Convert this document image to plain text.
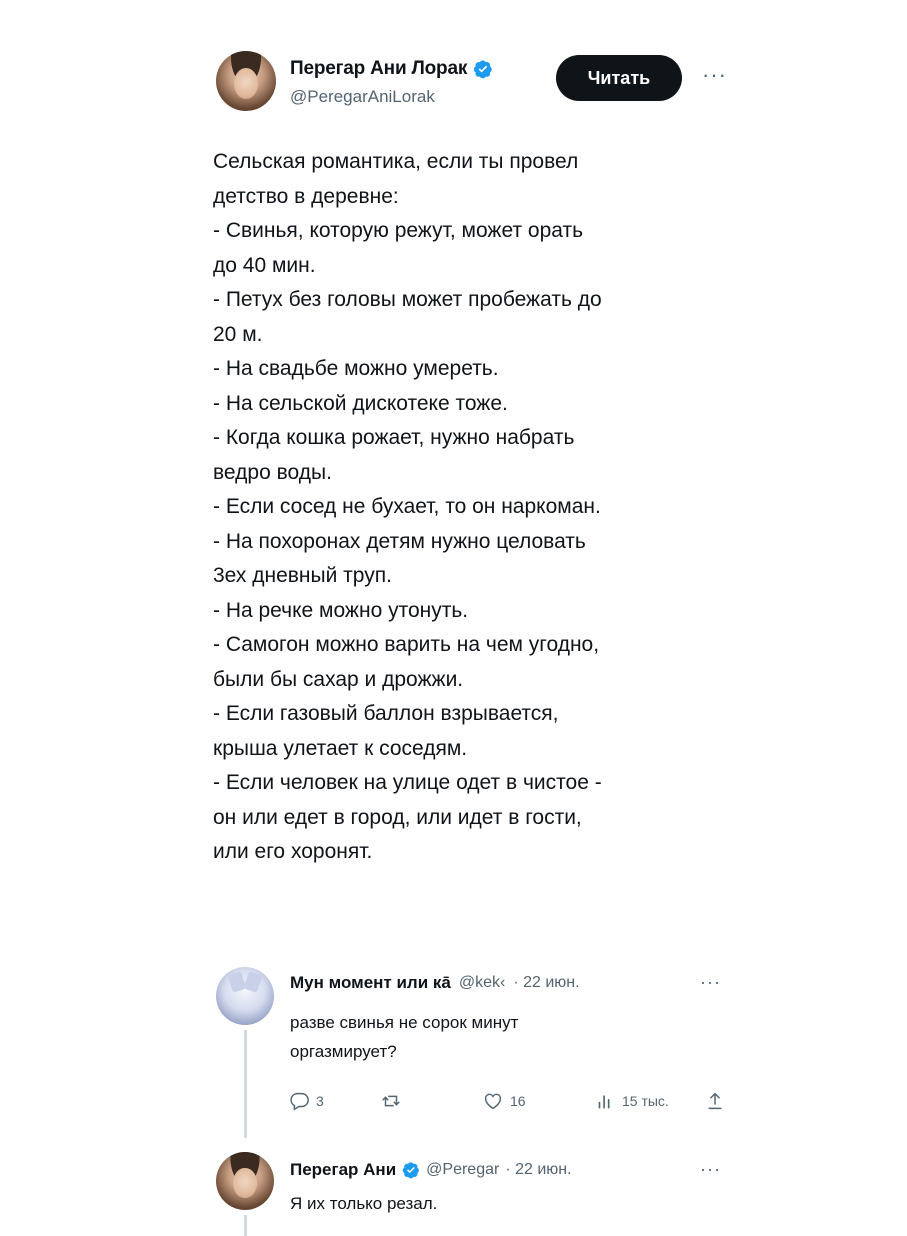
Перегар Ани Лорак
@PeregarAniLorak
Читать	···
Сельская романтика, если ты провел
детство в деревне:
- Свинья, которую режут, может орать
до 40 мин.
- Петух без головы может пробежать до
20 м.
- На свадьбе можно умереть.
- На сельской дискотеке тоже.
- Когда кошка рожает, нужно набрать
ведро воды.
- Если сосед не бухает, то он наркоман.
- На похоронах детям нужно целовать
3ех дневный труп.
- На речке можно утонуть.
- Самогон можно варить на чем угодно,
были бы сахар и дрожжи.
- Если газовый баллон взрывается,
крыша улетает к соседям.
- Если человек на улице одет в чистое -
он или едет в город, или идет в гости,
или его хоронят.
Мун момент или кā @kek‹ · 22 июн.	···
разве свинья не сорок минут
оргазмирует?
3	16	15 тыс.
Перегар Ани @Peregar · 22 июн.	···
Я их только резал.
